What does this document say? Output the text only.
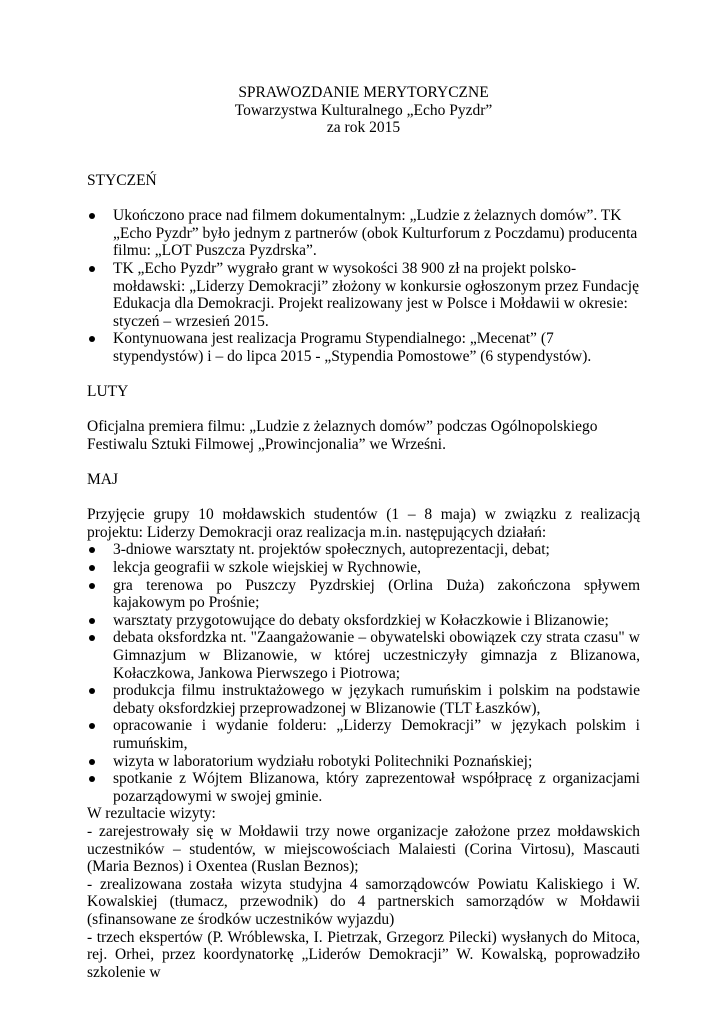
SPRAWOZDANIE MERYTORYCZNE
Towarzystwa Kulturalnego „Echo Pyzdr”
za rok 2015
STYCZEŃ
Ukończono prace nad filmem dokumentalnym: „Ludzie z żelaznych domów”. TK „Echo Pyzdr” było jednym z partnerów (obok Kulturforum z Poczdamu) producenta filmu: „LOT Puszcza Pyzdrska”.
TK „Echo Pyzdr” wygrało grant w wysokości 38 900 zł na projekt polsko-mołdawski: „Liderzy Demokracji” złożony w konkursie ogłoszonym przez Fundację Edukacja dla Demokracji. Projekt realizowany jest w Polsce i Mołdawii w okresie: styczeń – wrzesień 2015.
Kontynuowana jest realizacja Programu Stypendialnego: „Mecenat” (7 stypendystów) i – do lipca 2015 - „Stypendia Pomostowe” (6 stypendystów).
LUTY
Oficjalna premiera filmu: „Ludzie z żelaznych domów” podczas Ogólnopolskiego Festiwalu Sztuki Filmowej „Prowincjonalia” we Wrześni.
MAJ
Przyjęcie grupy 10 mołdawskich studentów (1 – 8 maja) w związku z realizacją projektu: Liderzy Demokracji oraz realizacja m.in. następujących działań:
3-dniowe warsztaty nt. projektów społecznych, autoprezentacji, debat;
lekcja geografii w szkole wiejskiej w Rychnowie,
gra terenowa po Puszczy Pyzdrskiej (Orlina Duża) zakończona spływem kajakowym po Prośnie;
warsztaty przygotowujące do debaty oksfordzkiej w Kołaczkowie i Blizanowie;
debata oksfordzka nt. "Zaangażowanie – obywatelski obowiązek czy strata czasu" w Gimnazjum w Blizanowie, w której uczestniczyły gimnazja z Blizanowa, Kołaczkowa, Jankowa Pierwszego i Piotrowa;
produkcja filmu instruktażowego w językach rumuńskim i polskim na podstawie debaty oksfordzkiej przeprowadzonej w Blizanowie (TLT Łaszków),
opracowanie i wydanie folderu: „Liderzy Demokracji” w językach polskim i rumuńskim,
wizyta w laboratorium wydziału robotyki Politechniki Poznańskiej;
spotkanie z Wójtem Blizanowa, który zaprezentował współpracę z organizacjami pozarządowymi w swojej gminie.
W rezultacie wizyty:
- zarejestrowały się w Mołdawii trzy nowe organizacje założone przez mołdawskich uczestników – studentów, w miejscowościach Malaiesti (Corina Virtosu), Mascauti (Maria Beznos) i Oxentea (Ruslan Beznos);
- zrealizowana została wizyta studyjna 4 samorządowców Powiatu Kaliskiego i W. Kowalskiej (tłumacz, przewodnik) do 4 partnerskich samorządów w Mołdawii (sfinansowane ze środków uczestników wyjazdu)
- trzech ekspertów (P. Wróblewska, I. Pietrzak, Grzegorz Pilecki) wysłanych do Mitoca, rej. Orhei, przez koordynatorkę „Liderów Demokracji” W. Kowalską, poprowadziło szkolenie w
